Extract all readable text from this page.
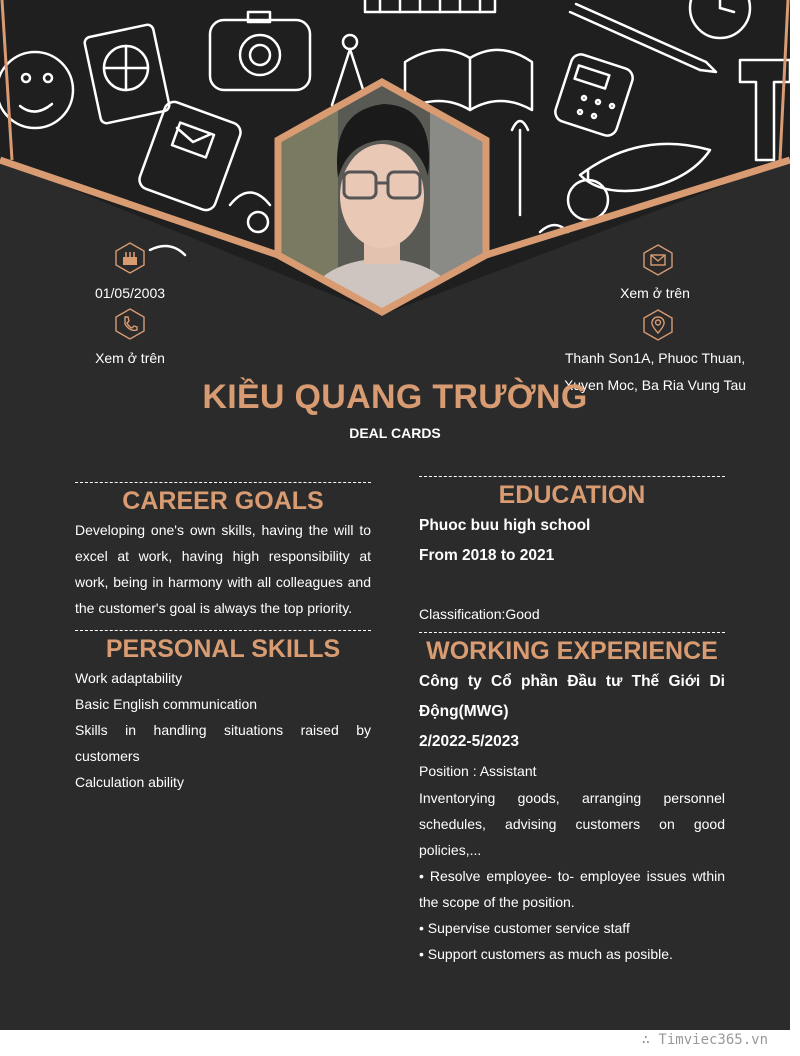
01/05/2003
Xem ở trên
Xem ở trên
Thanh Son1A, Phuoc Thuan,
Xuyen Moc, Ba Ria Vung Tau
KIỀU QUANG TRƯỜNG
DEAL CARDS
CAREER GOALS

Developing one's own skills, having the will to excel at work, having high responsibility at work, being in harmony with all colleagues and the customer's goal is always the top priority.

PERSONAL SKILLS

Work adaptability

Basic English communication

Skills in handling situations raised by customers

Calculation ability

EDUCATION

Phuoc buu high school

From 2018 to 2021

Classification:Good

WORKING EXPERIENCE

Công ty Cổ phần Đầu tư Thế Giới Di Động(MWG)

2/2022-5/2023

Position : Assistant

Inventorying goods, arranging personnel schedules, advising customers on good policies,...

• Resolve employee- to- employee issues wthin the scope of the position.

• Supervise customer service staff

• Support customers as much as posible.

∴ Timviec365.vn
